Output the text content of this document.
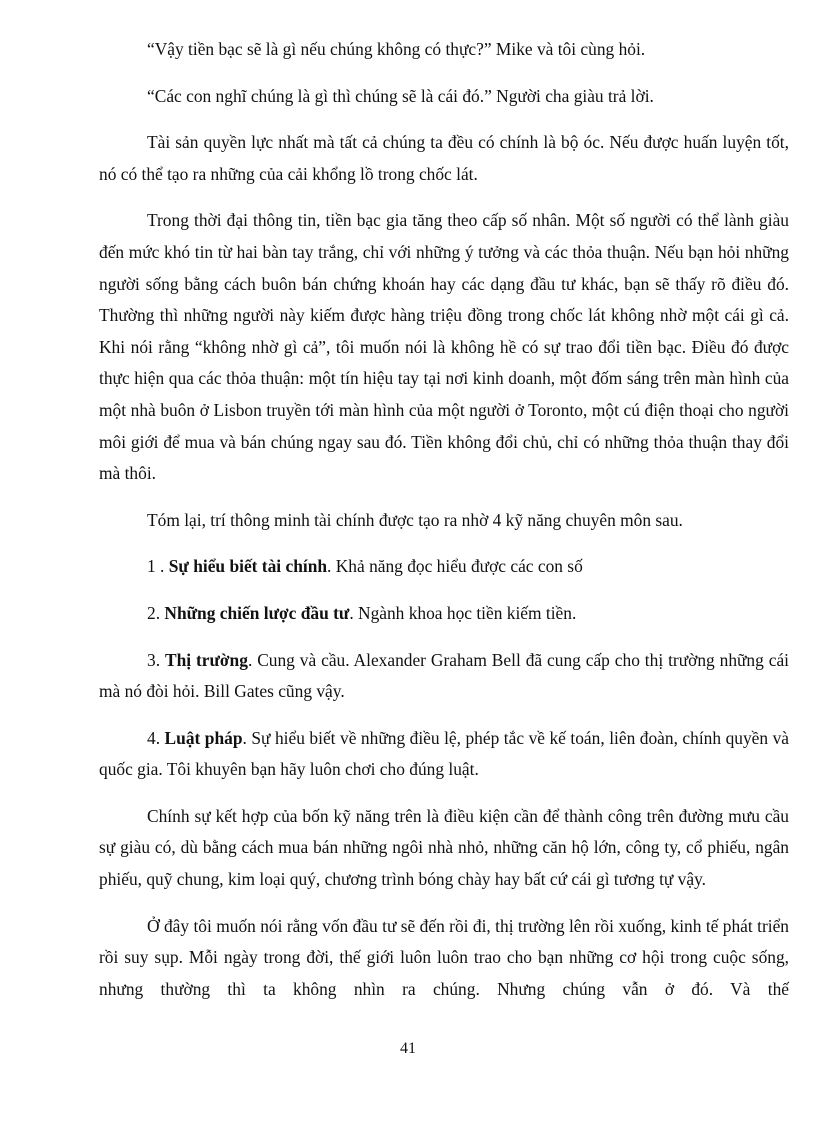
“Vậy tiền bạc sẽ là gì nếu chúng không có thực?” Mike và tôi cùng hỏi.

“Các con nghĩ chúng là gì thì chúng sẽ là cái đó.” Người cha giàu trả lời.

Tài sản quyền lực nhất mà tất cả chúng ta đều có chính là bộ óc. Nếu được huấn luyện tốt, nó có thể tạo ra những của cải khổng lồ trong chốc lát.

Trong thời đại thông tin, tiền bạc gia tăng theo cấp số nhân. Một số người có thể lành giàu đến mức khó tin từ hai bàn tay trắng, chỉ với những ý tưởng và các thỏa thuận. Nếu bạn hỏi những người sống bằng cách buôn bán chứng khoán hay các dạng đầu tư khác, bạn sẽ thấy rõ điều đó. Thường thì những người này kiếm được hàng triệu đồng trong chốc lát không nhờ một cái gì cả. Khi nói rằng “không nhờ gì cả”, tôi muốn nói là không hề có sự trao đổi tiền bạc. Điều đó được thực hiện qua các thỏa thuận: một tín hiệu tay tại nơi kinh doanh, một đốm sáng trên màn hình của một nhà buôn ở Lisbon truyền tới màn hình của một người ở Toronto, một cú điện thoại cho người môi giới để mua và bán chúng ngay sau đó. Tiền không đổi chủ, chỉ có những thỏa thuận thay đổi mà thôi.

Tóm lại, trí thông minh tài chính được tạo ra nhờ 4 kỹ năng chuyên môn sau.

1 . Sự hiểu biết tài chính. Khả năng đọc hiểu được các con số

2. Những chiến lược đầu tư. Ngành khoa học tiền kiếm tiền.

3. Thị trường. Cung và cầu. Alexander Graham Bell đã cung cấp cho thị trường những cái mà nó đòi hỏi. Bill Gates cũng vậy.

4. Luật pháp. Sự hiểu biết về những điều lệ, phép tắc về kế toán, liên đoàn, chính quyền và quốc gia. Tôi khuyên bạn hãy luôn chơi cho đúng luật.

Chính sự kết hợp của bốn kỹ năng trên là điều kiện cần để thành công trên đường mưu cầu sự giàu có, dù bằng cách mua bán những ngôi nhà nhỏ, những căn hộ lớn, công ty, cổ phiếu, ngân phiếu, quỹ chung, kim loại quý, chương trình bóng chày hay bất cứ cái gì tương tự vậy.

Ở đây tôi muốn nói rằng vốn đầu tư sẽ đến rồi đi, thị trường lên rồi xuống, kinh tế phát triển rồi suy sụp. Mỗi ngày trong đời, thế giới luôn luôn trao cho bạn những cơ hội trong cuộc sống, nhưng thường thì ta không nhìn ra chúng. Nhưng chúng vẫn ở đó. Và thế

41
